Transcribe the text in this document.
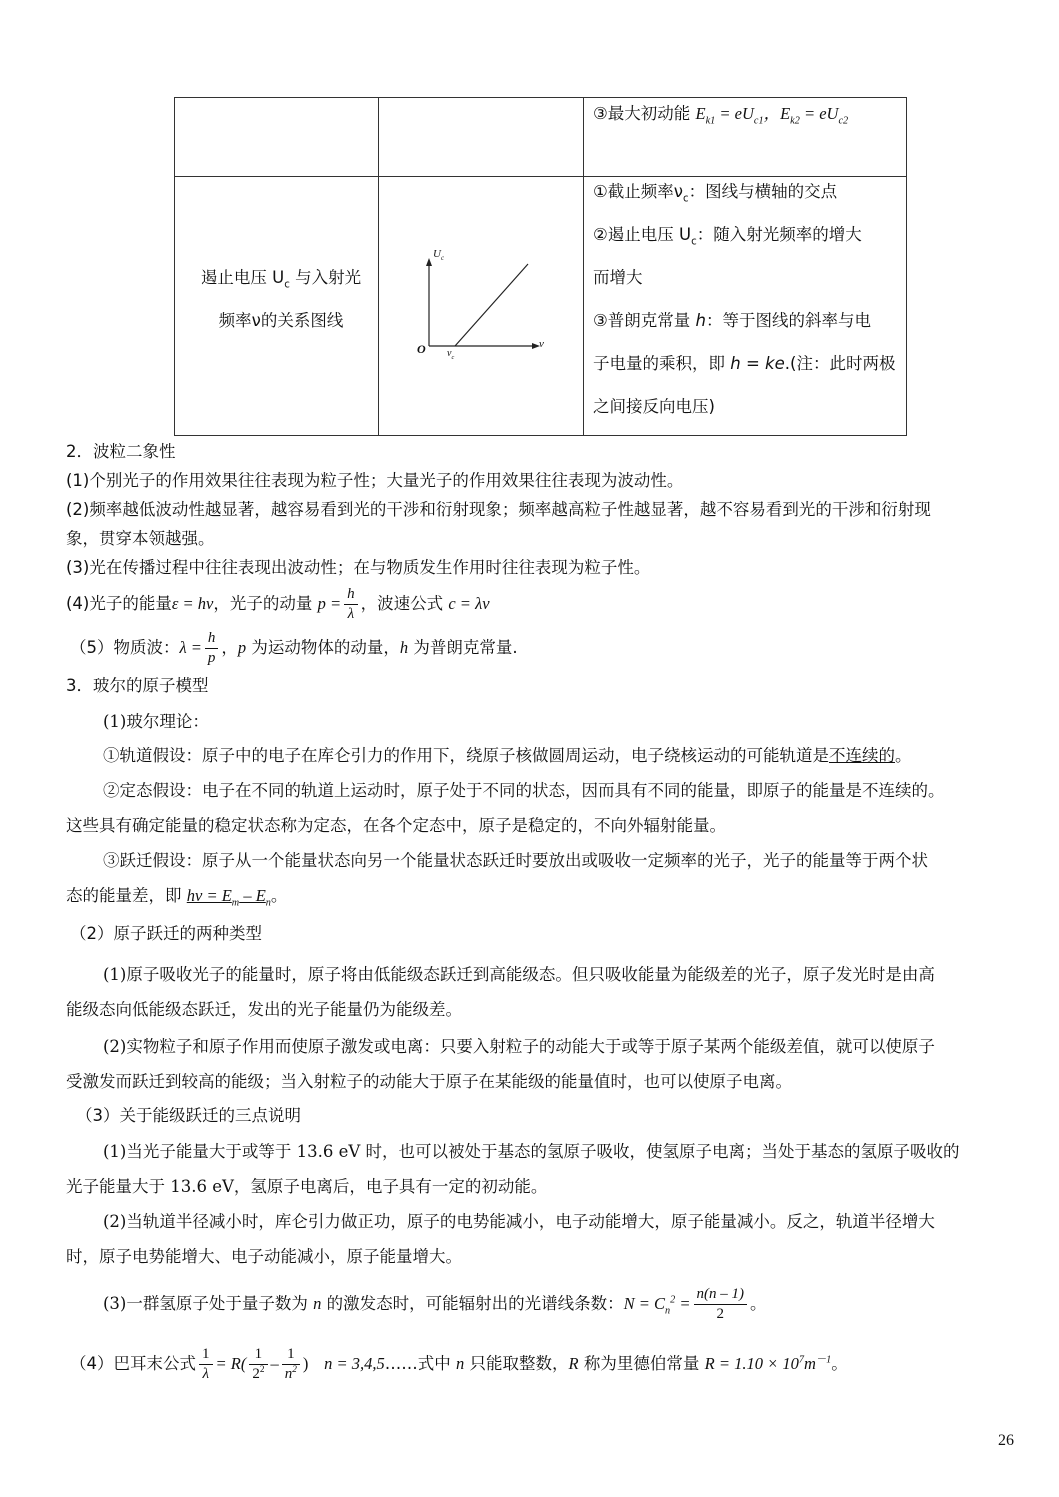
③最大初动能 $E_{k1} = eU_{c1}$，$E_{k2} = eU_{c2}$
遏止电压 $U_c$ 与入射光
频率ν的关系图线
$U_c$
ν
O $\nu_c$
①截止频率$\nu_c$：图线与横轴的交点
②遏止电压 $U_c$：随入射光频率的增大
而增大
③普朗克常量 h：等于图线的斜率与电
子电量的乘积，即 h = ke.(注：此时两极
之间接反向电压)
2．波粒二象性
(1)个别光子的作用效果往往表现为粒子性；大量光子的作用效果往往表现为波动性。
(2)频率越低波动性越显著，越容易看到光的干涉和衍射现象；频率越高粒子性越显著，越不容易看到光的干涉和衍射现
象，贯穿本领越强。
(3)光在传播过程中往往表现出波动性；在与物质发生作用时往往表现为粒子性。
(4)光子的能量ε = hν，光子的动量 $p = \frac{h}{\lambda}$ ，波速公式 c = λν
（5）物质波：$\lambda = \frac{h}{p}$ ，p 为运动物体的动量，h 为普朗克常量.
3．玻尔的原子模型
(1)玻尔理论：
①轨道假设：原子中的电子在库仑引力的作用下，绕原子核做圆周运动，电子绕核运动的可能轨道是不连续的。
②定态假设：电子在不同的轨道上运动时，原子处于不同的状态，因而具有不同的能量，即原子的能量是不连续的。
这些具有确定能量的稳定状态称为定态，在各个定态中，原子是稳定的，不向外辐射能量。
③跃迁假设：原子从一个能量状态向另一个能量状态跃迁时要放出或吸收一定频率的光子，光子的能量等于两个状
态的能量差，即 $h\nu = E_m - E_n$。
（2）原子跃迁的两种类型
(1)原子吸收光子的能量时，原子将由低能级态跃迁到高能级态。但只吸收能量为能级差的光子，原子发光时是由高
能级态向低能级态跃迁，发出的光子能量仍为能级差。
(2)实物粒子和原子作用而使原子激发或电离：只要入射粒子的动能大于或等于原子某两个能级差值，就可以使原子
受激发而跃迁到较高的能级；当入射粒子的动能大于原子在某能级的能量值时，也可以使原子电离。
（3）关于能级跃迁的三点说明
(1)当光子能量大于或等于 13.6 eV 时，也可以被处于基态的氢原子吸收，使氢原子电离；当处于基态的氢原子吸收的
光子能量大于 13.6 eV，氢原子电离后，电子具有一定的初动能。
(2)当轨道半径减小时，库仑引力做正功，原子的电势能减小，电子动能增大，原子能量减小。反之，轨道半径增大
时，原子电势能增大、电子动能减小，原子能量增大。
(3)一群氢原子处于量子数为 n 的激发态时，可能辐射出的光谱线条数：$N = C_n^2 = \frac{n(n - 1)}{2}$ 。
（4）巴耳末公式 $\frac{1}{\lambda} = R( \frac{1}{2^2} - \frac{1}{n^2}$ ) n = 3,4,5……式中 n 只能取整数，R 称为里德伯常量 $R = 1.10 \times 10^7m^{-1}$。
26
